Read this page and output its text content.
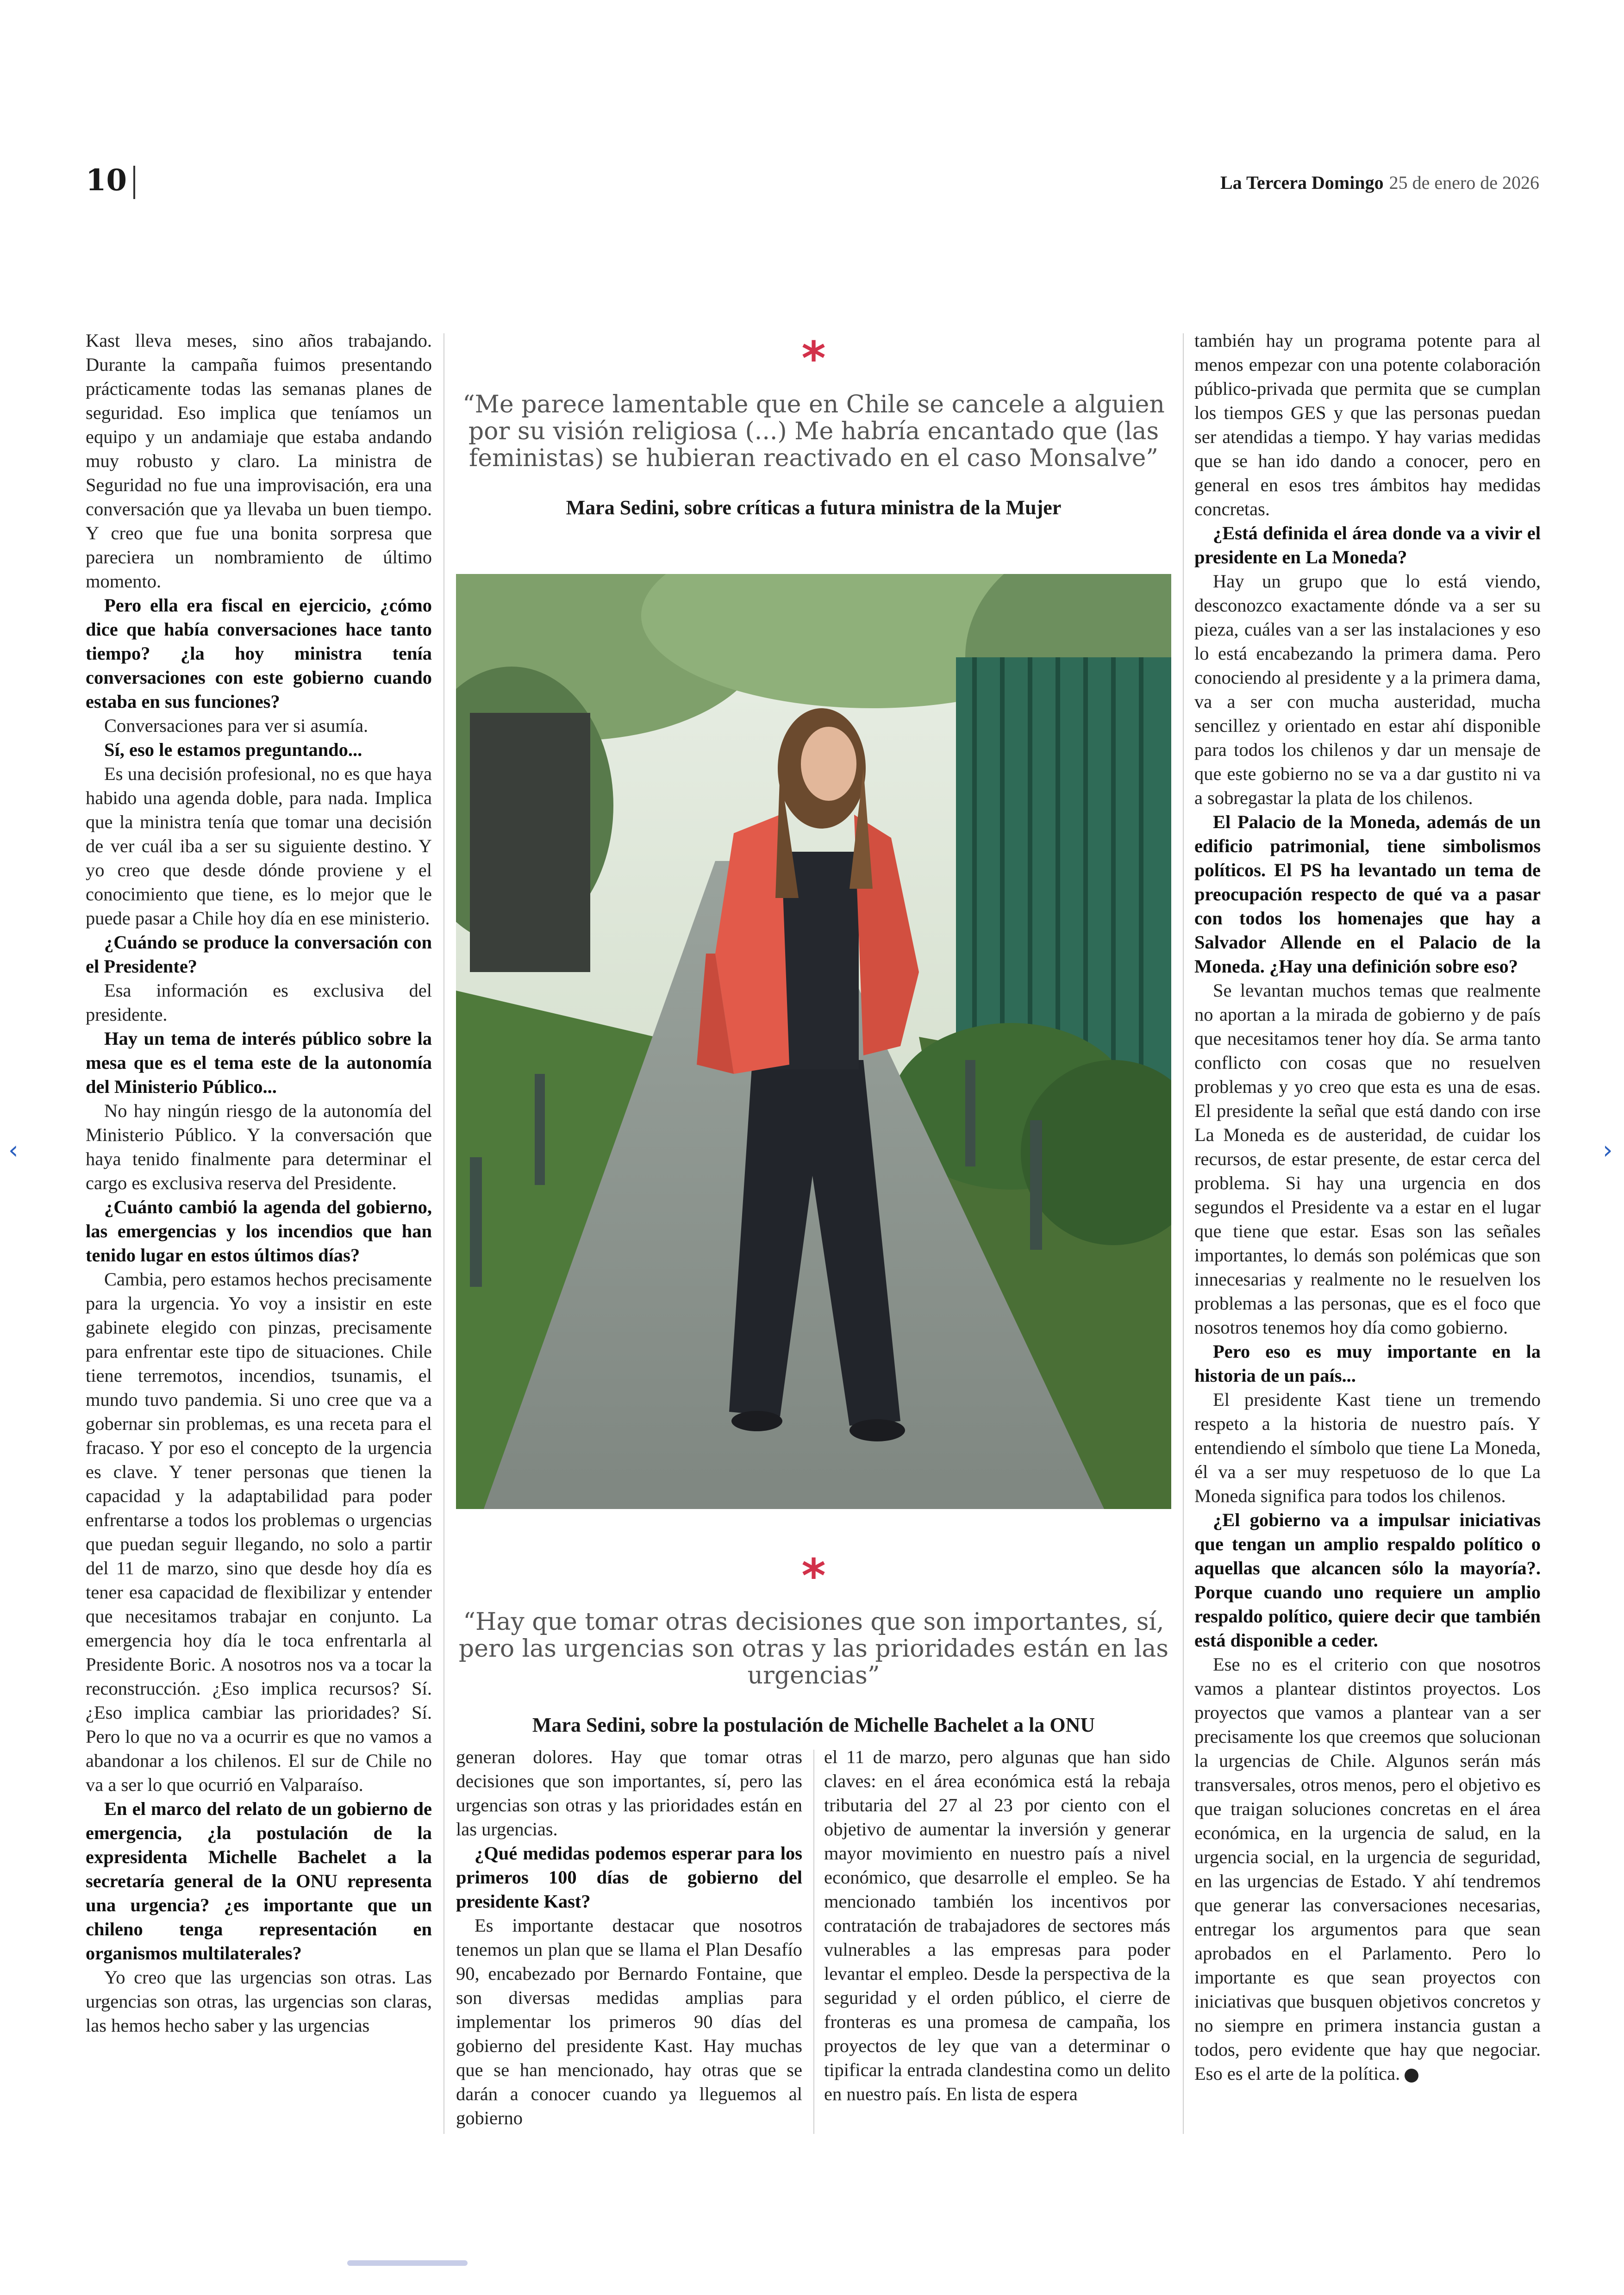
10	La Tercera Domingo 25 de enero de 2026

Kast lleva meses, sino años trabajando. Durante la campaña fuimos presentando prácticamente todas las semanas planes de seguridad. Eso implica que teníamos un equipo y un andamiaje que estaba andando muy robusto y claro. La ministra de Seguridad no fue una improvisación, era una conversación que ya llevaba un buen tiempo. Y creo que fue una bonita sorpresa que pareciera un nombramiento de último momento.

Pero ella era fiscal en ejercicio, ¿cómo dice que había conversaciones hace tanto tiempo? ¿la hoy ministra tenía conversaciones con este gobierno cuando estaba en sus funciones?

Conversaciones para ver si asumía.

Sí, eso le estamos preguntando...

Es una decisión profesional, no es que haya habido una agenda doble, para nada. Implica que la ministra tenía que tomar una decisión de ver cuál iba a ser su siguiente destino. Y yo creo que desde dónde proviene y el conocimiento que tiene, es lo mejor que le puede pasar a Chile hoy día en ese ministerio.

¿Cuándo se produce la conversación con el Presidente?

Esa información es exclusiva del presidente.

Hay un tema de interés público sobre la mesa que es el tema este de la autonomía del Ministerio Público...

No hay ningún riesgo de la autonomía del Ministerio Público. Y la conversación que haya tenido finalmente para determinar el cargo es exclusiva reserva del Presidente.

¿Cuánto cambió la agenda del gobierno, las emergencias y los incendios que han tenido lugar en estos últimos días?

Cambia, pero estamos hechos precisamente para la urgencia. Yo voy a insistir en este gabinete elegido con pinzas, precisamente para enfrentar este tipo de situaciones. Chile tiene terremotos, incendios, tsunamis, el mundo tuvo pandemia. Si uno cree que va a gobernar sin problemas, es una receta para el fracaso. Y por eso el concepto de la urgencia es clave. Y tener personas que tienen la capacidad y la adaptabilidad para poder enfrentarse a todos los problemas o urgencias que puedan seguir llegando, no solo a partir del 11 de marzo, sino que desde hoy día es tener esa capacidad de flexibilizar y entender que necesitamos trabajar en conjunto. La emergencia hoy día le toca enfrentarla al Presidente Boric. A nosotros nos va a tocar la reconstrucción. ¿Eso implica recursos? Sí. ¿Eso implica cambiar las prioridades? Sí. Pero lo que no va a ocurrir es que no vamos a abandonar a los chilenos. El sur de Chile no va a ser lo que ocurrió en Valparaíso.

En el marco del relato de un gobierno de emergencia, ¿la postulación de la expresidenta Michelle Bachelet a la secretaría general de la ONU representa una urgencia? ¿es importante que un chileno tenga representación en organismos multilaterales?

Yo creo que las urgencias son otras. Las urgencias son otras, las urgencias son claras, las hemos hecho saber y las urgencias

*
“Me parece lamentable que en Chile se cancele a alguien por su visión religiosa (...) Me habría encantado que (las feministas) se hubieran reactivado en el caso Monsalve”
Mara Sedini, sobre críticas a futura ministra de la Mujer
*
“Hay que tomar otras decisiones que son importantes, sí, pero las urgencias son otras y las prioridades están en las urgencias”
Mara Sedini, sobre la postulación de Michelle Bachelet a la ONU

generan dolores. Hay que tomar otras decisiones que son importantes, sí, pero las urgencias son otras y las prioridades están en las urgencias.

¿Qué medidas podemos esperar para los primeros 100 días de gobierno del presidente Kast?

Es importante destacar que nosotros tenemos un plan que se llama el Plan Desafío 90, encabezado por Bernardo Fontaine, que son diversas medidas amplias para implementar los primeros 90 días del gobierno del presidente Kast. Hay muchas que se han mencionado, hay otras que se darán a conocer cuando ya lleguemos al gobierno

el 11 de marzo, pero algunas que han sido claves: en el área económica está la rebaja tributaria del 27 al 23 por ciento con el objetivo de aumentar la inversión y generar mayor movimiento en nuestro país a nivel económico, que desarrolle el empleo. Se ha mencionado también los incentivos por contratación de trabajadores de sectores más vulnerables a las empresas para poder levantar el empleo. Desde la perspectiva de la seguridad y el orden público, el cierre de fronteras es una promesa de campaña, los proyectos de ley que van a determinar o tipificar la entrada clandestina como un delito en nuestro país. En lista de espera

también hay un programa potente para al menos empezar con una potente colaboración público-privada que permita que se cumplan los tiempos GES y que las personas puedan ser atendidas a tiempo. Y hay varias medidas que se han ido dando a conocer, pero en general en esos tres ámbitos hay medidas concretas.

¿Está definida el área donde va a vivir el presidente en La Moneda?

Hay un grupo que lo está viendo, desconozco exactamente dónde va a ser su pieza, cuáles van a ser las instalaciones y eso lo está encabezando la primera dama. Pero conociendo al presidente y a la primera dama, va a ser con mucha austeridad, mucha sencillez y orientado en estar ahí disponible para todos los chilenos y dar un mensaje de que este gobierno no se va a dar gustito ni va a sobregastar la plata de los chilenos.

El Palacio de la Moneda, además de un edificio patrimonial, tiene simbolismos políticos. El PS ha levantado un tema de preocupación respecto de qué va a pasar con todos los homenajes que hay a Salvador Allende en el Palacio de la Moneda. ¿Hay una definición sobre eso?

Se levantan muchos temas que realmente no aportan a la mirada de gobierno y de país que necesitamos tener hoy día. Se arma tanto conflicto con cosas que no resuelven problemas y yo creo que esta es una de esas. El presidente la señal que está dando con irse La Moneda es de austeridad, de cuidar los recursos, de estar presente, de estar cerca del problema. Si hay una urgencia en dos segundos el Presidente va a estar en el lugar que tiene que estar. Esas son las señales importantes, lo demás son polémicas que son innecesarias y realmente no le resuelven los problemas a las personas, que es el foco que nosotros tenemos hoy día como gobierno.

Pero eso es muy importante en la historia de un país...

El presidente Kast tiene un tremendo respeto a la historia de nuestro país. Y entendiendo el símbolo que tiene La Moneda, él va a ser muy respetuoso de lo que La Moneda significa para todos los chilenos.

¿El gobierno va a impulsar iniciativas que tengan un amplio respaldo político o aquellas que alcancen sólo la mayoría?. Porque cuando uno requiere un amplio respaldo político, quiere decir que también está disponible a ceder.

Ese no es el criterio con que nosotros vamos a plantear distintos proyectos. Los proyectos que vamos a plantear van a ser precisamente los que creemos que solucionan la urgencias de Chile. Algunos serán más transversales, otros menos, pero el objetivo es que traigan soluciones concretas en el área económica, en la urgencia de salud, en la urgencia social, en la urgencia de seguridad, en las urgencias de Estado. Y ahí tendremos que generar las conversaciones necesarias, entregar los argumentos para que sean aprobados en el Parlamento. Pero lo importante es que sean proyectos con iniciativas que busquen objetivos concretos y no siempre en primera instancia gustan a todos, pero evidente que hay que negociar. Eso es el arte de la política.	●

‹	›
